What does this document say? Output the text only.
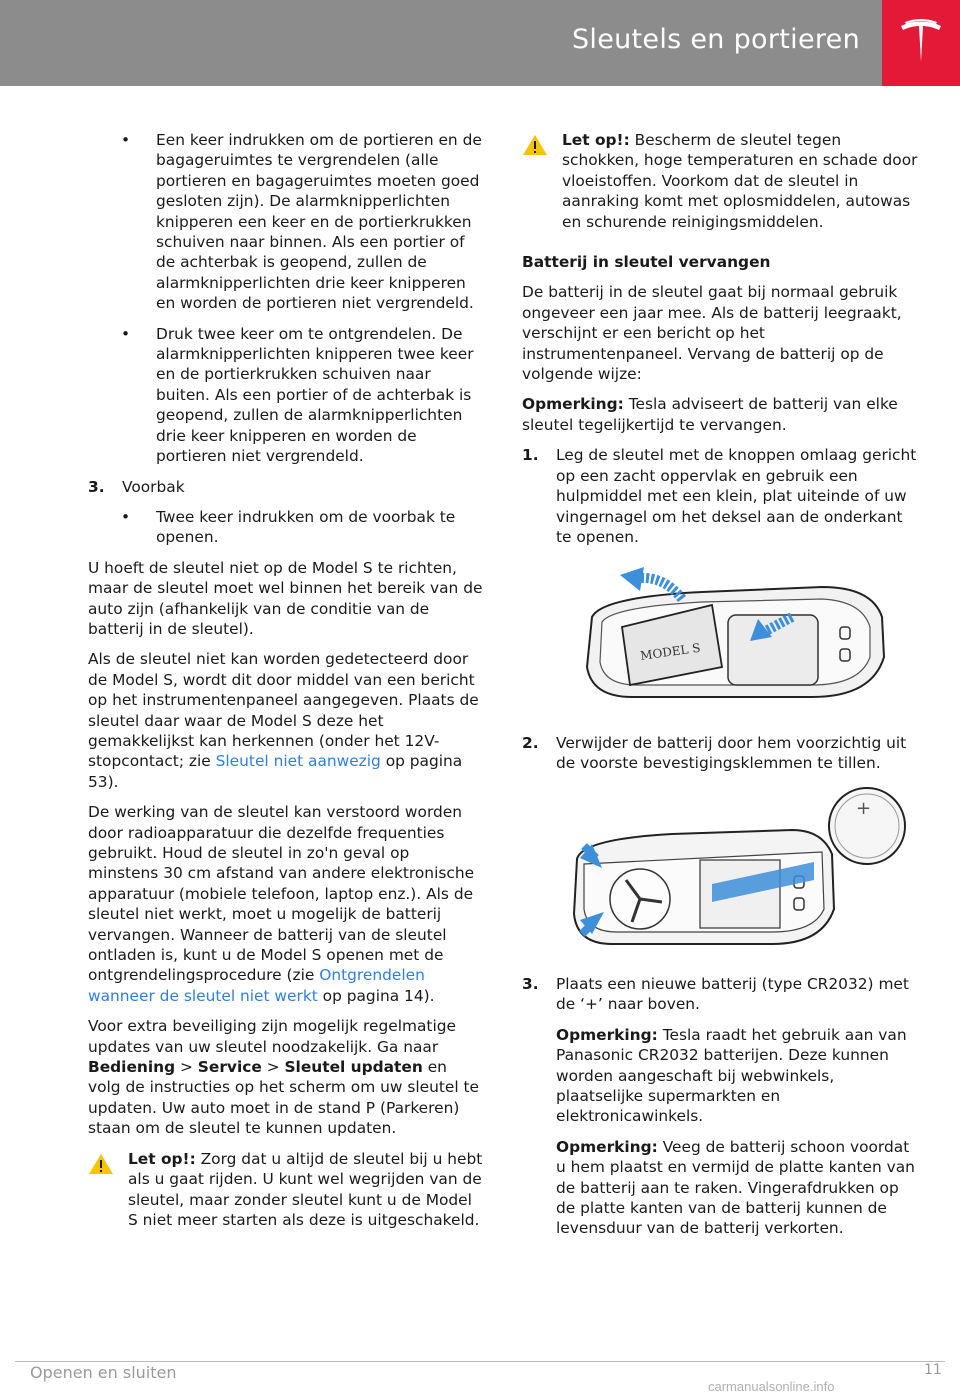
Sleutels en portieren
• Een keer indrukken om de portieren en de bagageruimtes te vergrendelen (alle portieren en bagageruimtes moeten goed gesloten zijn). De alarmknipperlichten knipperen een keer en de portierkrukken schuiven naar binnen. Als een portier of de achterbak is geopend, zullen de alarmknipperlichten drie keer knipperen en worden de portieren niet vergrendeld.
• Druk twee keer om te ontgrendelen. De alarmknipperlichten knipperen twee keer en de portierkrukken schuiven naar buiten. Als een portier of de achterbak is geopend, zullen de alarmknipperlichten drie keer knipperen en worden de portieren niet vergrendeld.
3. Voorbak
• Twee keer indrukken om de voorbak te openen.

U hoeft de sleutel niet op de Model S te richten, maar de sleutel moet wel binnen het bereik van de auto zijn (afhankelijk van de conditie van de batterij in de sleutel).

Als de sleutel niet kan worden gedetecteerd door de Model S, wordt dit door middel van een bericht op het instrumentenpaneel aangegeven. Plaats de sleutel daar waar de Model S deze het gemakkelijkst kan herkennen (onder het 12V-stopcontact; zie Sleutel niet aanwezig op pagina 53).

De werking van de sleutel kan verstoord worden door radioapparatuur die dezelfde frequenties gebruikt. Houd de sleutel in zo'n geval op minstens 30 cm afstand van andere elektronische apparatuur (mobiele telefoon, laptop enz.). Als de sleutel niet werkt, moet u mogelijk de batterij vervangen. Wanneer de batterij van de sleutel ontladen is, kunt u de Model S openen met de ontgrendelingsprocedure (zie Ontgrendelen wanneer de sleutel niet werkt op pagina 14).

Voor extra beveiliging zijn mogelijk regelmatige updates van uw sleutel noodzakelijk. Ga naar Bediening > Service > Sleutel updaten en volg de instructies op het scherm om uw sleutel te updaten. Uw auto moet in de stand P (Parkeren) staan om de sleutel te kunnen updaten.

Let op!: Zorg dat u altijd de sleutel bij u hebt als u gaat rijden. U kunt wel wegrijden van de sleutel, maar zonder sleutel kunt u de Model S niet meer starten als deze is uitgeschakeld.
Let op!: Bescherm de sleutel tegen schokken, hoge temperaturen en schade door vloeistoffen. Voorkom dat de sleutel in aanraking komt met oplosmiddelen, autowas en schurende reinigingsmiddelen.
Batterij in sleutel vervangen

De batterij in de sleutel gaat bij normaal gebruik ongeveer een jaar mee. Als de batterij leegraakt, verschijnt er een bericht op het instrumentenpaneel. Vervang de batterij op de volgende wijze:

Opmerking: Tesla adviseert de batterij van elke sleutel tegelijkertijd te vervangen.

1. Leg de sleutel met de knoppen omlaag gericht op een zacht oppervlak en gebruik een hulpmiddel met een klein, plat uiteinde of uw vingernagel om het deksel aan de onderkant te openen.
MODEL S
2. Verwijder de batterij door hem voorzichtig uit de voorste bevestigingsklemmen te tillen.
+
3. Plaats een nieuwe batterij (type CR2032) met de ‘+’ naar boven.

Opmerking: Tesla raadt het gebruik aan van Panasonic CR2032 batterijen. Deze kunnen worden aangeschaft bij webwinkels, plaatselijke supermarkten en elektronicawinkels.

Opmerking: Veeg de batterij schoon voordat u hem plaatst en vermijd de platte kanten van de batterij aan te raken. Vingerafdrukken op de platte kanten van de batterij kunnen de levensduur van de batterij verkorten.

Openen en sluiten	11
carmanualsonline.info
